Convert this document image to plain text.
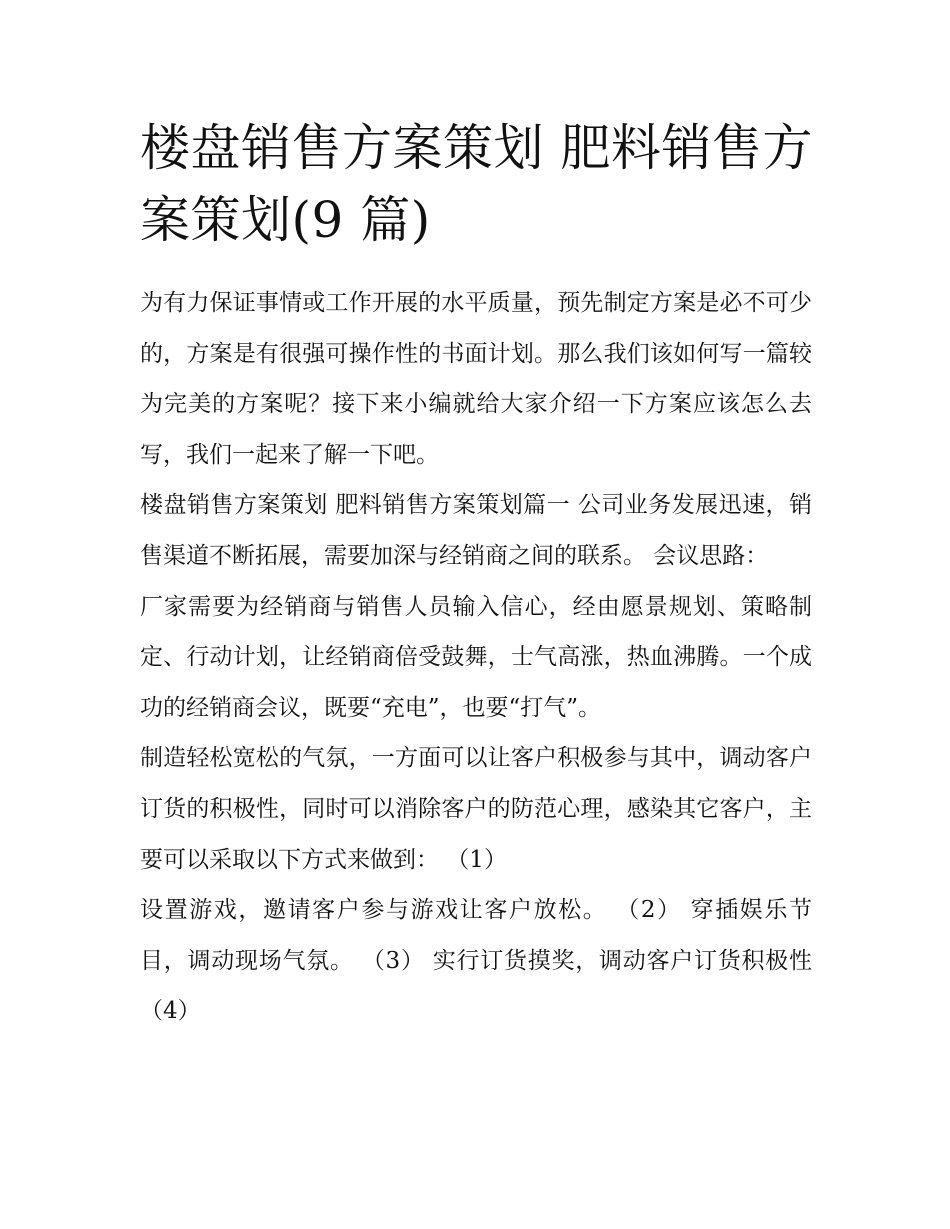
楼盘销售方案策划 肥料销售方案策划(9 篇)

为有力保证事情或工作开展的水平质量，预先制定方案是必不可少的，方案是有很强可操作性的书面计划。那么我们该如何写一篇较为完美的方案呢？接下来小编就给大家介绍一下方案应该怎么去写，我们一起来了解一下吧。

楼盘销售方案策划 肥料销售方案策划篇一 公司业务发展迅速，销售渠道不断拓展，需要加深与经销商之间的联系。 会议思路：

厂家需要为经销商与销售人员输入信心，经由愿景规划、策略制定、行动计划，让经销商倍受鼓舞，士气高涨，热血沸腾。一个成功的经销商会议，既要“充电”，也要“打气”。

制造轻松宽松的气氛，一方面可以让客户积极参与其中，调动客户订货的积极性，同时可以消除客户的防范心理，感染其它客户，主要可以采取以下方式来做到： （1）

设置游戏，邀请客户参与游戏让客户放松。 （2） 穿插娱乐节目，调动现场气氛。 （3） 实行订货摸奖，调动客户订货积极性 （4）
